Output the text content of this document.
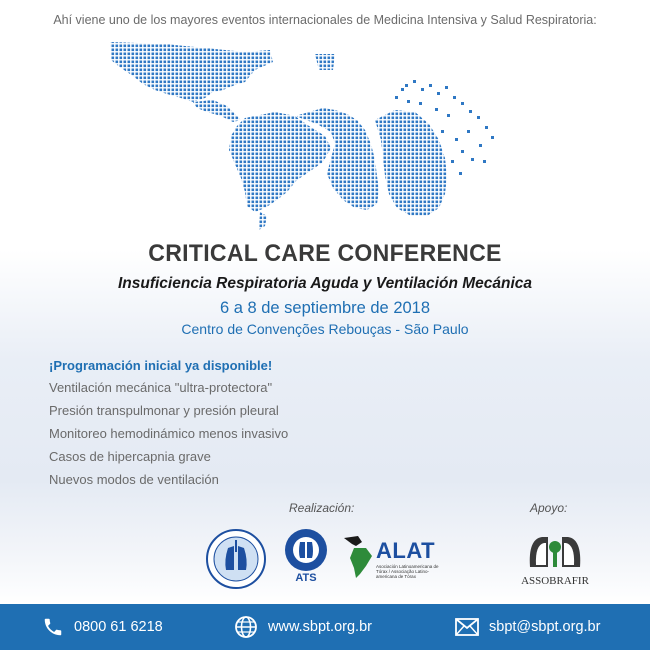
Ahí viene uno de los mayores eventos internacionales de Medicina Intensiva y Salud Respiratoria:
CRITICAL CARE CONFERENCE
Insuficiencia Respiratoria Aguda y Ventilación Mecánica
6 a 8 de septiembre de 2018
Centro de Convenções Rebouças - São Paulo
¡Programación inicial ya disponible!
Ventilación mecánica "ultra-protectora"
Presión transpulmonar y presión pleural
Monitoreo hemodinámico menos invasivo
Casos de hipercapnia grave
Nuevos modos de ventilación
Realización:	Apoyo:
ATS
ALAT
Asociación Latinoamericana de Tórax / Associação Latino-americana de Tórax	ASSOBRAFIR
0800 61 6218	www.sbpt.org.br	sbpt@sbpt.org.br
